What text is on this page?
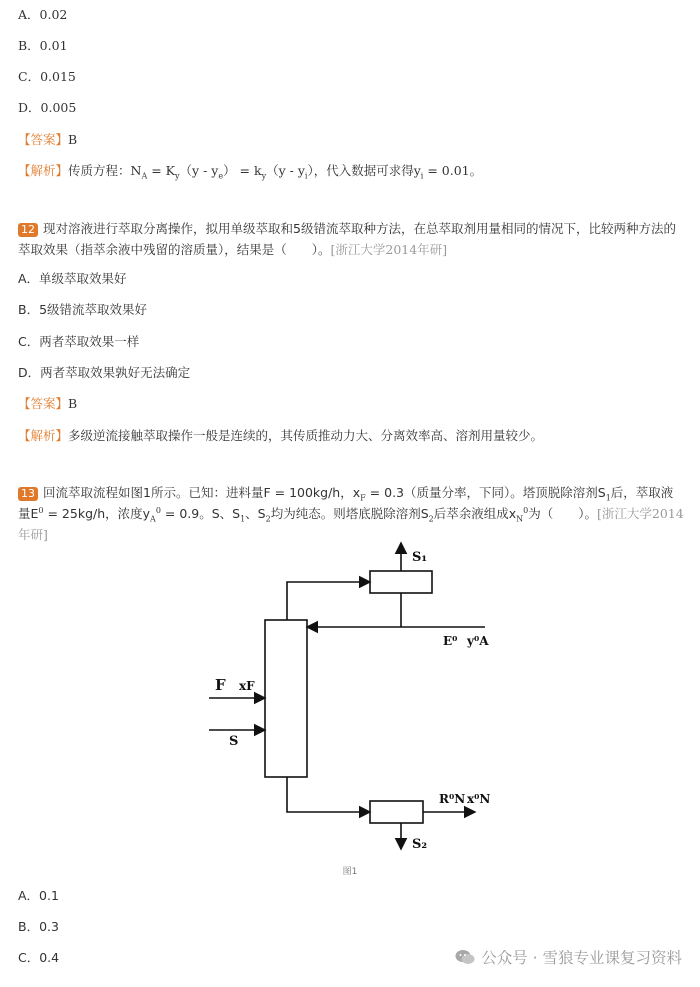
A．0.02
B．0.01
C．0.015
D．0.005
【答案】B
【解析】传质方程：$N_A = K_y(y - y_e) = k_y(y - y_i)$，代入数据可求得$y_i = 0.01$。
12 现对溶液进行萃取分离操作，拟用单级萃取和5级错流萃取种方法，在总萃取剂用量相同的情况下，比较两种方法的萃取效果（指萃余液中残留的溶质量），结果是（　　）。[浙江大学2014年研]
A．单级萃取效果好
B．5级错流萃取效果好
C．两者萃取效果一样
D．两者萃取效果孰好无法确定
【答案】B
【解析】多级逆流接触萃取操作一般是连续的，其传质推动力大、分离效率高、溶剂用量较少。
13 回流萃取流程如图1所示。已知：进料量F = 100kg/h，$x_F = 0.3$（质量分率，下同）。塔顶脱除溶剂$S_1$后，萃取液量$E^0 = 25kg/h$，浓度$y_A^0 = 0.9$。S、$S_1$、$S_2$均为纯态。则塔底脱除溶剂$S_2$后萃余液组成$x_N^0$为（　　）。[浙江大学2014年研]
S₁
E⁰ y⁰A
F xF
S
R⁰N x⁰N
S₂
图1
A．0.1
B．0.3
C．0.4	公众号 · 雪狼专业课复习资料
